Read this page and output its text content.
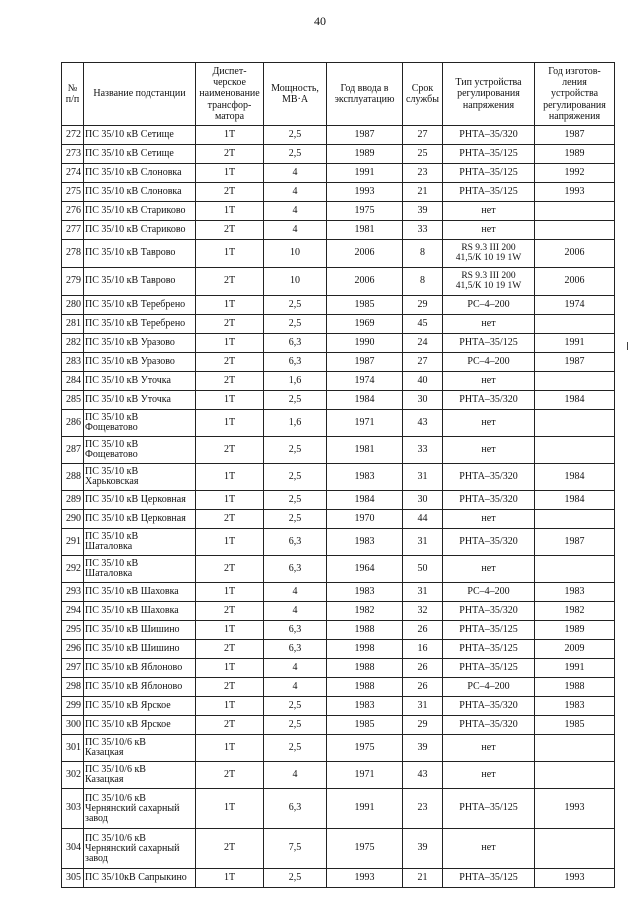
40
№
п/п	Название подстанции	Диспет-
черское
наименование
трансфор-
матора	Мощность,
МВ·А	Год ввода в
эксплуатацию	Срок
службы	Тип устройства
регулирования
напряжения	Год изготов-
ления
устройства
регулирования
напряжения
272	ПС 35/10 кВ Сетище	1Т	2,5	1987	27	РНТА–35/320	1987
273	ПС 35/10 кВ Сетище	2Т	2,5	1989	25	РНТА–35/125	1989
274	ПС 35/10 кВ Слоновка	1Т	4	1991	23	РНТА–35/125	1992
275	ПС 35/10 кВ Слоновка	2Т	4	1993	21	РНТА–35/125	1993
276	ПС 35/10 кВ Стариково	1Т	4	1975	39	нет	
277	ПС 35/10 кВ Стариково	2Т	4	1981	33	нет	
278	ПС 35/10 кВ Таврово	1Т	10	2006	8	RS 9.3 III 200
41,5/К 10 19 1W	2006
279	ПС 35/10 кВ Таврово	2Т	10	2006	8	RS 9.3 III 200
41,5/К 10 19 1W	2006
280	ПС 35/10 кВ Теребрено	1Т	2,5	1985	29	РС–4–200	1974
281	ПС 35/10 кВ Теребрено	2Т	2,5	1969	45	нет	
282	ПС 35/10 кВ Уразово	1Т	6,3	1990	24	РНТА–35/125	1991
283	ПС 35/10 кВ Уразово	2Т	6,3	1987	27	РС–4–200	1987
284	ПС 35/10 кВ Уточка	2Т	1,6	1974	40	нет	
285	ПС 35/10 кВ Уточка	1Т	2,5	1984	30	РНТА–35/320	1984
286	ПС 35/10 кВ
Фощеватово	1Т	1,6	1971	43	нет	
287	ПС 35/10 кВ
Фощеватово	2Т	2,5	1981	33	нет	
288	ПС 35/10 кВ
Харьковская	1Т	2,5	1983	31	РНТА–35/320	1984
289	ПС 35/10 кВ Церковная	1Т	2,5	1984	30	РНТА–35/320	1984
290	ПС 35/10 кВ Церковная	2Т	2,5	1970	44	нет	
291	ПС 35/10 кВ
Шаталовка	1Т	6,3	1983	31	РНТА–35/320	1987
292	ПС 35/10 кВ
Шаталовка	2Т	6,3	1964	50	нет	
293	ПС 35/10 кВ Шаховка	1Т	4	1983	31	РС–4–200	1983
294	ПС 35/10 кВ Шаховка	2Т	4	1982	32	РНТА–35/320	1982
295	ПС 35/10 кВ Шишино	1Т	6,3	1988	26	РНТА–35/125	1989
296	ПС 35/10 кВ Шишино	2Т	6,3	1998	16	РНТА–35/125	2009
297	ПС 35/10 кВ Яблоново	1Т	4	1988	26	РНТА–35/125	1991
298	ПС 35/10 кВ Яблоново	2Т	4	1988	26	РС–4–200	1988
299	ПС 35/10 кВ Ярское	1Т	2,5	1983	31	РНТА–35/320	1983
300	ПС 35/10 кВ Ярское	2Т	2,5	1985	29	РНТА–35/320	1985
301	ПС 35/10/6 кВ
Казацкая	1Т	2,5	1975	39	нет	
302	ПС 35/10/6 кВ
Казацкая	2Т	4	1971	43	нет	
303	ПС 35/10/6 кВ
Чернянский сахарный
завод	1Т	6,3	1991	23	РНТА–35/125	1993
304	ПС 35/10/6 кВ
Чернянский сахарный
завод	2Т	7,5	1975	39	нет	
305	ПС 35/10кВ Сапрыкино	1Т	2,5	1993	21	РНТА–35/125	1993
